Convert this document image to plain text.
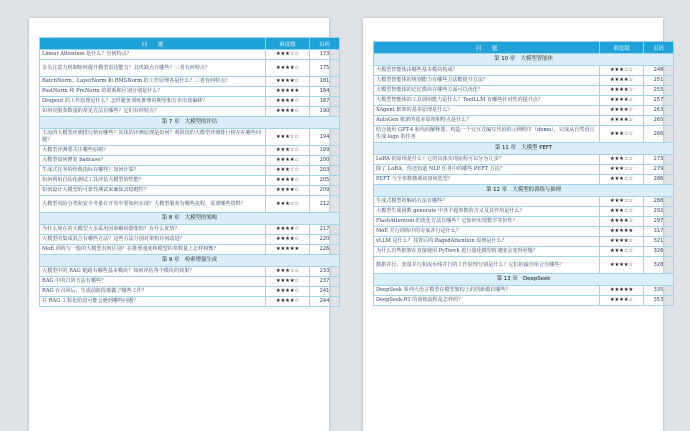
问　　题	难度级	页码
Linear Attention 是什么？有何特点？	★★★☆☆	173
多头注意力机制如何提升模型表达能力？其优缺点有哪些？三者有何特点？	★★★★☆	175
BatchNorm、LayerNorm 和 RMSNorm 的工作原理各是什么？三者有何特点？	★★★★☆	181
PostNorm 和 PreNorm 的联系和区别分别是什么？	★★★★★	184
Dropout 的工作原理是什么？怎样避免训练推理的期望和方差出现偏移？	★★★★☆	187
如何克服参数量的常见方法有哪些？它们有何特点？	★★★★☆	190
第 7 章　大模型的评估		
主流的大模型评测排行榜有哪些？其体的评测原理是如何？观阶段的大模型评测排行榜存在哪些问题？	★★★☆☆	194
大模型评测要关注哪些原则？	★★★☆☆	199
大模型如何修复 badcase？	★★★★☆	200
生成式任务的经典指标有哪些？如何计算？	★★★☆☆	203
如何利用自动化测试工具评估大模型的性能？	★★★★☆	205
如何设计大模型的可靠性测试来确保其稳健性？	★★★★☆	209
大模型风险分类和安全考量在开发中要如何实现？大模型服务有哪些流程，需要哪些资料？	★★★☆☆	212
第 8 章　大模型的架构		
为什么现在的大模型大多采用因果解码器架构？有什么优势？	★★★★☆	217
大模型的集成混合有哪些方法？这些方法分别对架构有何改进？	★★★★☆	220
MoE 训练与一般的大模型有何区别？在推理速度和模型的参数量上怎样权衡？	★★★★★	226
第 9 章　检索增强生成		
大模型中的 RAG 链路有哪些基本模块？如何评估各个模块的效果？	★★★☆☆	233
RAG 中的召回方法有哪些？	★★★★☆	237
RAG 在召回后、生成前阶段都做了哪些工作？	★★★★☆	241
在 RAG 工程化阶段可能会遇到哪些问题？	★★★★☆	244
问　　题	难度级	页码
第 10 章　大模型智能体		
大模型智能体由哪些基本模块构成？	★★★☆☆	248
大模型智能体的规划能力有哪些方法能提升方法？	★★★★☆	251
大模型智能体的记忆模块在哪些方面可以优化？	★★★★☆	255
大模型智能体的工具调用能力是什么？ToolLLM 有哪些针对性的提升点？	★★★★☆	257
XAgent 框架的基本原理是什么？	★★★★☆	263
AutoGen 框架的基本原理和特点是什么？	★★★★☆	265
结合使用 GPT-4 和代码解释器，构造一个交互式编写代码的示例程序（demo），完成从自然语言生成 logo 的任务	★★★☆☆	266
第 11 章　大模型 PEFT		
LoRA 的原理是什么？它的具体实现流程可以分为几步？	★★★☆☆	273
除了 LoRA，你还知道 NLP 任务中的哪些 PEFT 方法？	★★★☆☆	279
PEFT 与全参数微调该如何选型？	★★★☆☆	286
第 12 章　大模型的训练与推理		
生成式模型的解码方法有哪些？	★★★☆☆	288
大模型生成函数 generate 中各个超参数的含义及其作用是什么？	★★★☆☆	292
FlashAttention 的优化方法有哪些？它如何实现数学等价性？	★★★★☆	297
MoE 并行训练中的专家并行是什么？	★★★★★	317
vLLM 是什么？其背后的 PagedAttention 原理是什么？	★★★★☆	321
为什么有些框架在直接使用 PyTorch 进行量化模型时速度会变得更慢？	★★★☆☆	326
数据并行、张量并行和流水线并行的工作原理分别是什么？它们的最佳组合有哪些？	★★★★☆	328
第 13 章　DeepSeek		
DeepSeek 系列大语言模型在模型架构上的创新都有哪些？	★★★★★	335
DeepSeek-R1 的训练流程是怎样的？	★★★★☆	353
